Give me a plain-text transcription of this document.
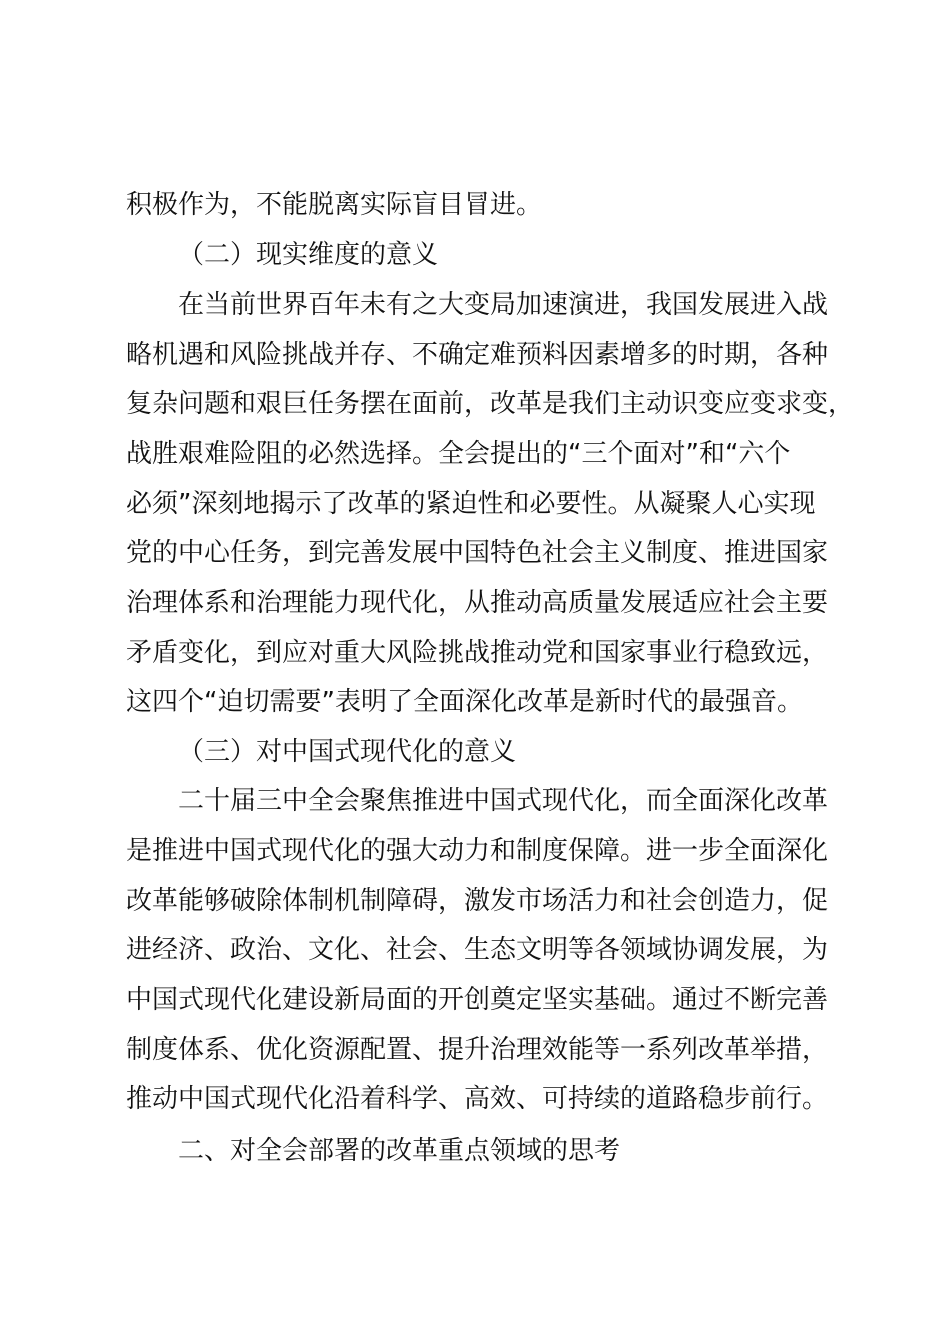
积极作为，不能脱离实际盲目冒进。
（二）现实维度的意义
在当前世界百年未有之大变局加速演进，我国发展进入战
略机遇和风险挑战并存、不确定难预料因素增多的时期，各种
复杂问题和艰巨任务摆在面前，改革是我们主动识变应变求变，
战胜艰难险阻的必然选择。全会提出的“三个面对”和“六个
必须”深刻地揭示了改革的紧迫性和必要性。从凝聚人心实现
党的中心任务，到完善发展中国特色社会主义制度、推进国家
治理体系和治理能力现代化，从推动高质量发展适应社会主要
矛盾变化，到应对重大风险挑战推动党和国家事业行稳致远，
这四个“迫切需要”表明了全面深化改革是新时代的最强音。
（三）对中国式现代化的意义
二十届三中全会聚焦推进中国式现代化，而全面深化改革
是推进中国式现代化的强大动力和制度保障。进一步全面深化
改革能够破除体制机制障碍，激发市场活力和社会创造力，促
进经济、政治、文化、社会、生态文明等各领域协调发展，为
中国式现代化建设新局面的开创奠定坚实基础。通过不断完善
制度体系、优化资源配置、提升治理效能等一系列改革举措，
推动中国式现代化沿着科学、高效、可持续的道路稳步前行。
二、对全会部署的改革重点领域的思考
